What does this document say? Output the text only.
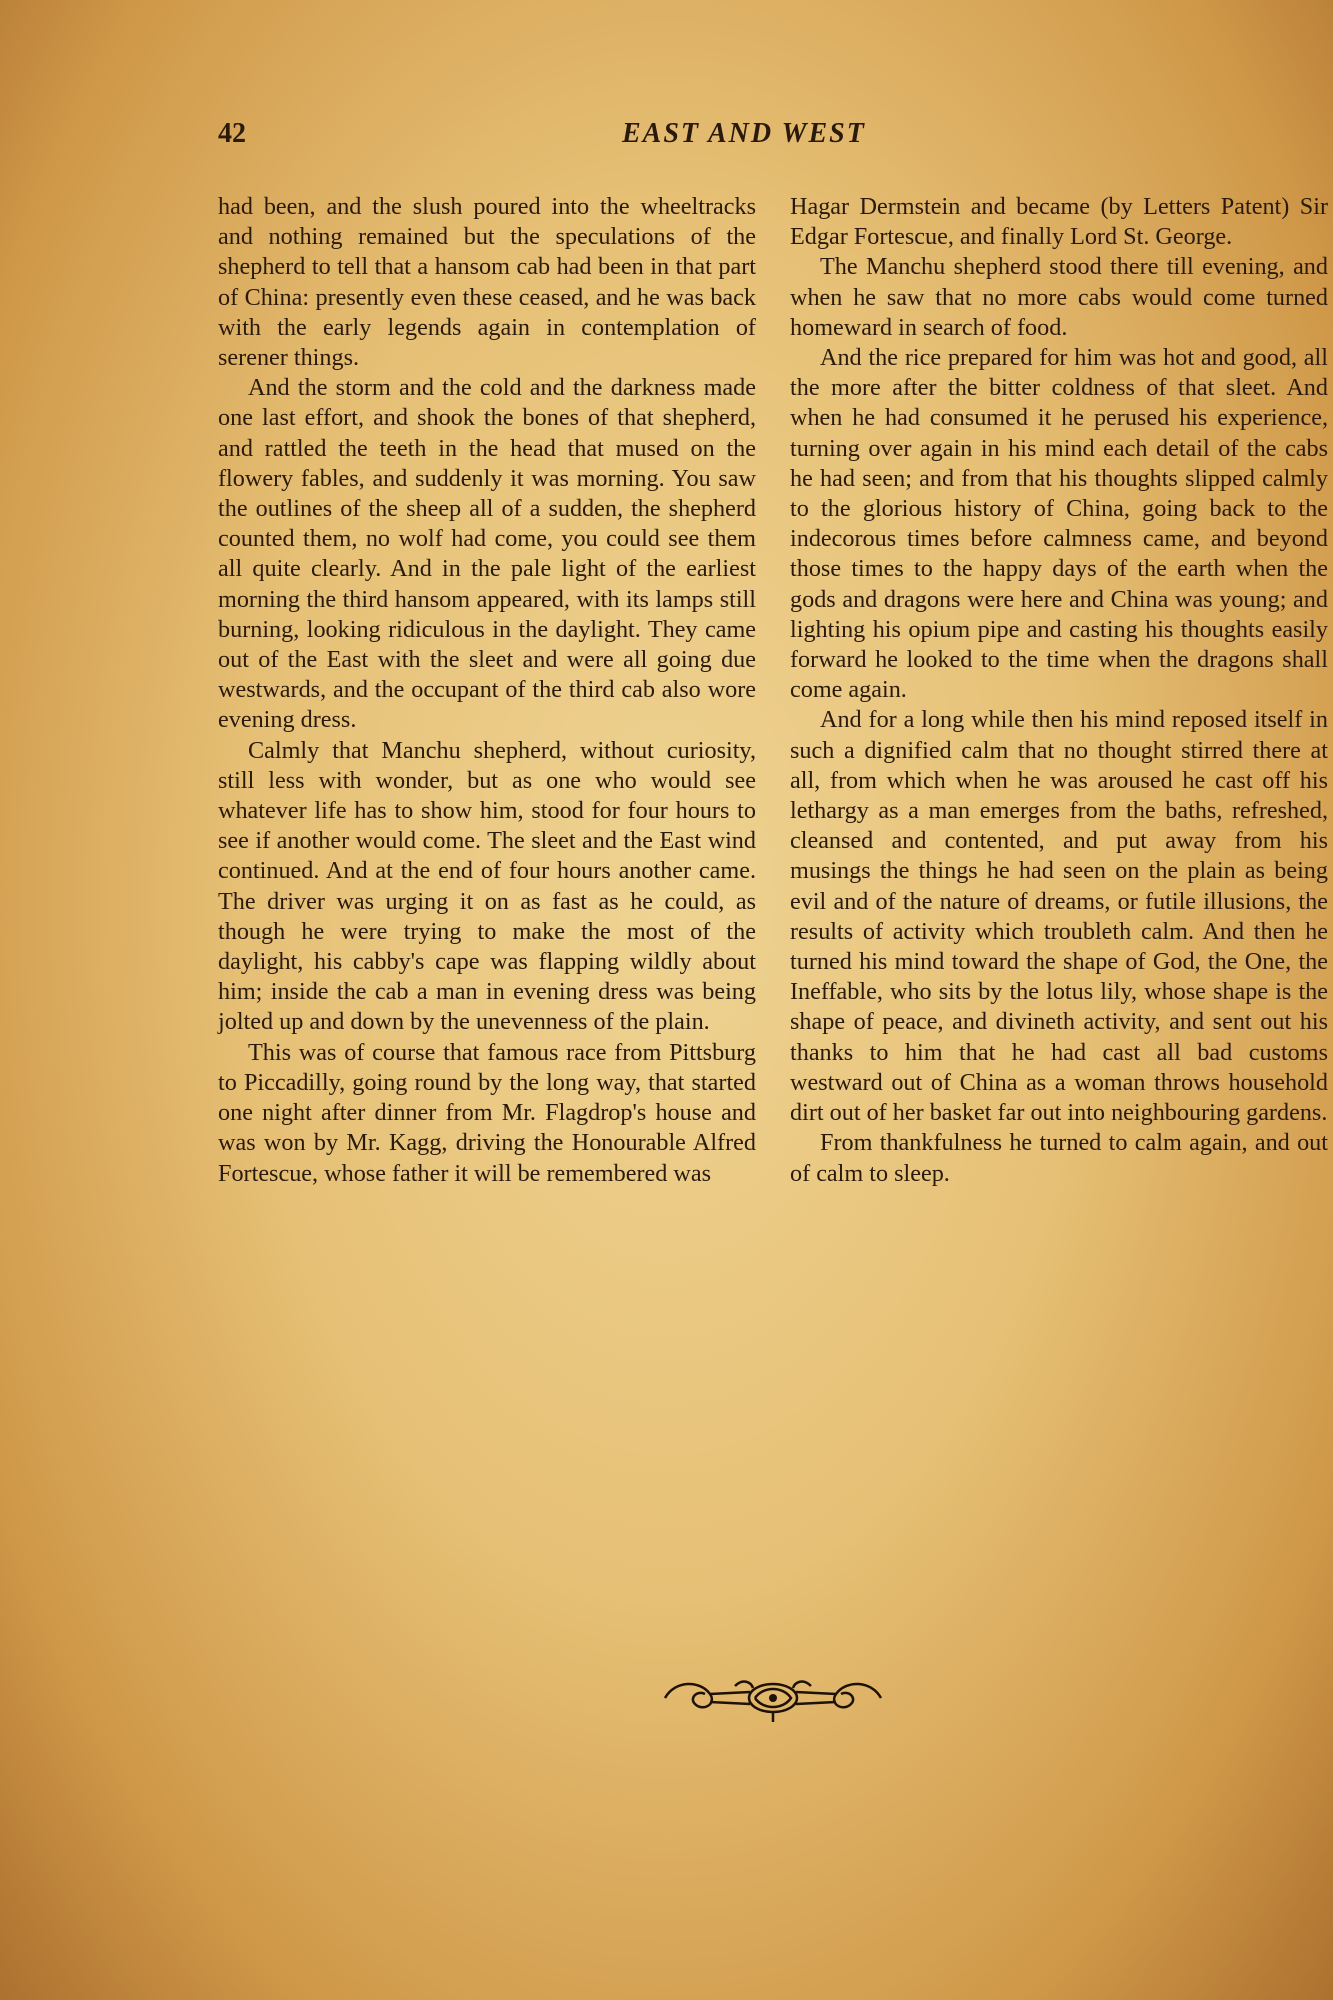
42	EAST AND WEST

had been, and the slush poured into the wheeltracks and nothing remained but the speculations of the shepherd to tell that a hansom cab had been in that part of China: presently even these ceased, and he was back with the early legends again in contemplation of serener things.

And the storm and the cold and the darkness made one last effort, and shook the bones of that shepherd, and rattled the teeth in the head that mused on the flowery fables, and suddenly it was morning. You saw the outlines of the sheep all of a sudden, the shepherd counted them, no wolf had come, you could see them all quite clearly. And in the pale light of the earliest morning the third hansom appeared, with its lamps still burning, looking ridiculous in the daylight. They came out of the East with the sleet and were all going due westwards, and the occupant of the third cab also wore evening dress.

Calmly that Manchu shepherd, without curiosity, still less with wonder, but as one who would see whatever life has to show him, stood for four hours to see if another would come. The sleet and the East wind continued. And at the end of four hours another came. The driver was urging it on as fast as he could, as though he were trying to make the most of the daylight, his cabby's cape was flapping wildly about him; inside the cab a man in evening dress was being jolted up and down by the unevenness of the plain.

This was of course that famous race from Pittsburg to Piccadilly, going round by the long way, that started one night after dinner from Mr. Flagdrop's house and was won by Mr. Kagg, driving the Honourable Alfred Fortescue, whose father it will be remembered was

Hagar Dermstein and became (by Letters Patent) Sir Edgar Fortescue, and finally Lord St. George.

The Manchu shepherd stood there till evening, and when he saw that no more cabs would come turned homeward in search of food.

And the rice prepared for him was hot and good, all the more after the bitter coldness of that sleet. And when he had consumed it he perused his experience, turning over again in his mind each detail of the cabs he had seen; and from that his thoughts slipped calmly to the glorious history of China, going back to the indecorous times before calmness came, and beyond those times to the happy days of the earth when the gods and dragons were here and China was young; and lighting his opium pipe and casting his thoughts easily forward he looked to the time when the dragons shall come again.

And for a long while then his mind reposed itself in such a dignified calm that no thought stirred there at all, from which when he was aroused he cast off his lethargy as a man emerges from the baths, refreshed, cleansed and contented, and put away from his musings the things he had seen on the plain as being evil and of the nature of dreams, or futile illusions, the results of activity which troubleth calm. And then he turned his mind toward the shape of God, the One, the Ineffable, who sits by the lotus lily, whose shape is the shape of peace, and divineth activity, and sent out his thanks to him that he had cast all bad customs westward out of China as a woman throws household dirt out of her basket far out into neighbouring gardens.

From thankfulness he turned to calm again, and out of calm to sleep.
